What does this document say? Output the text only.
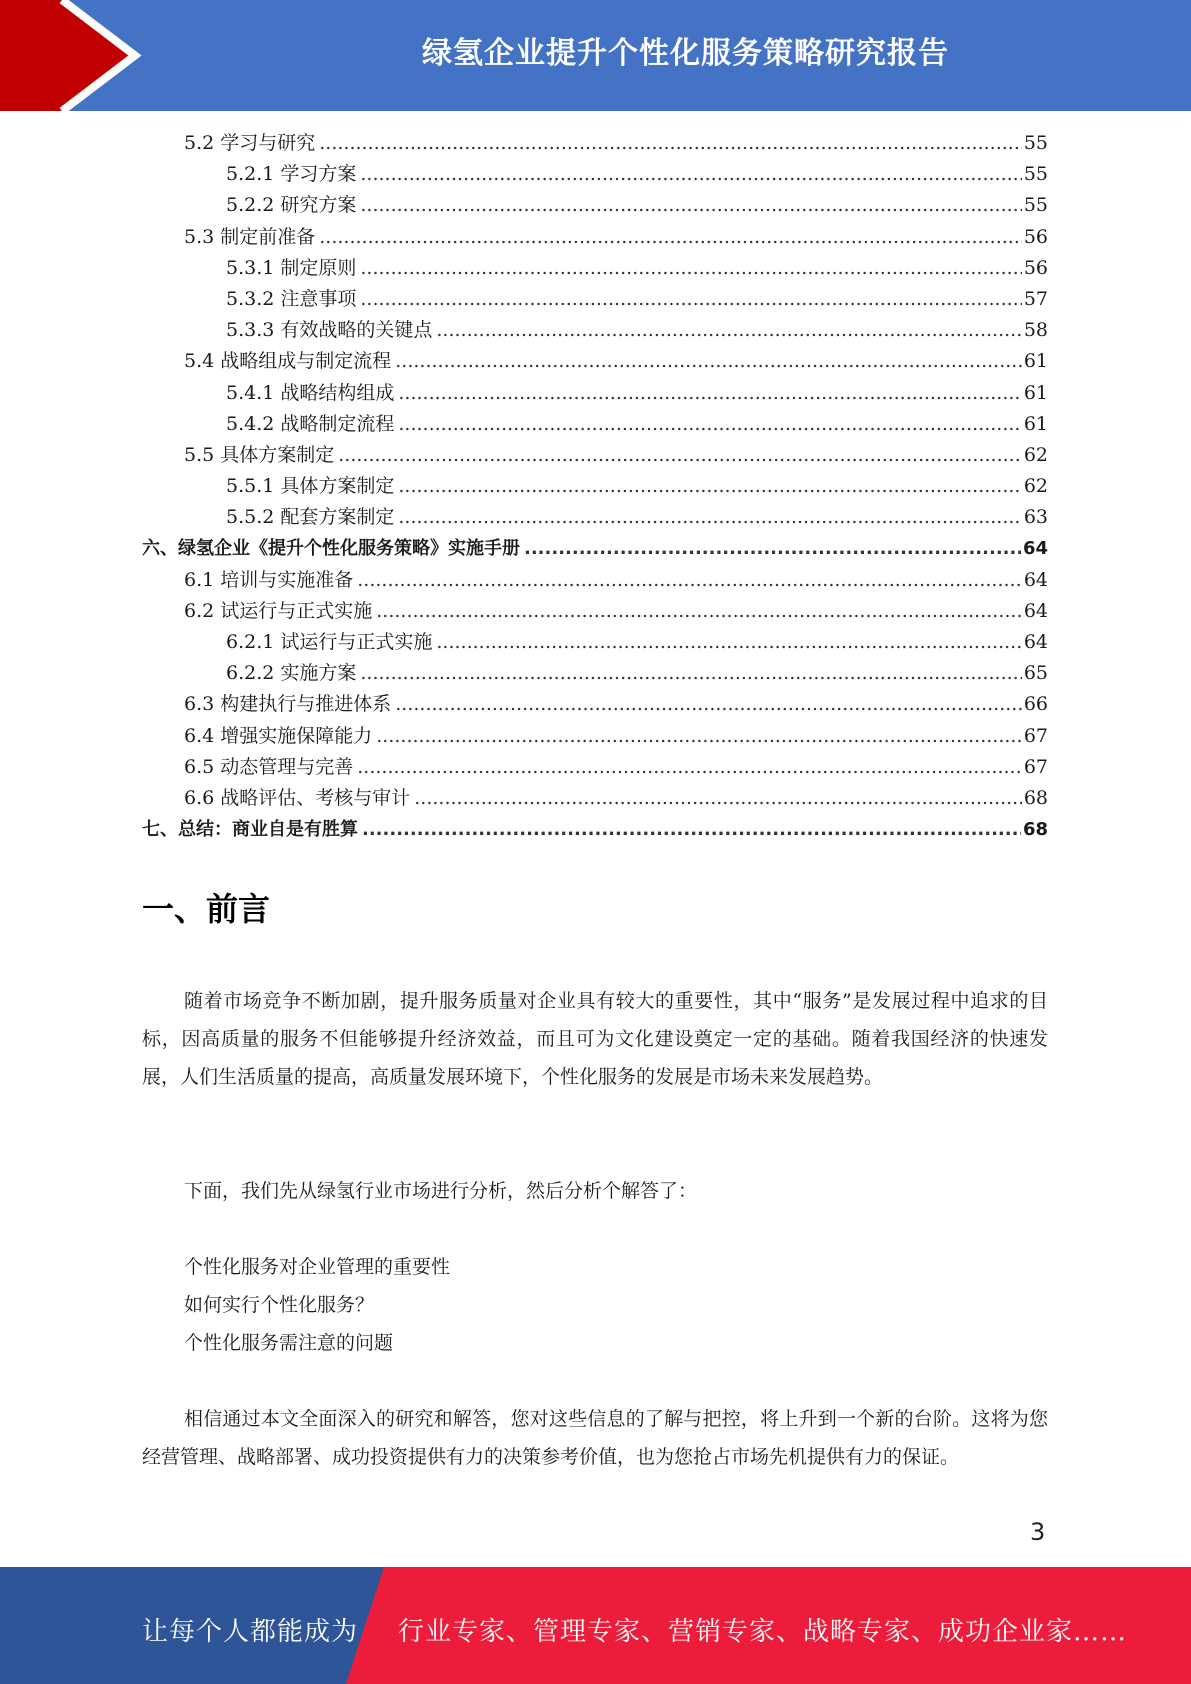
绿氢企业提升个性化服务策略研究报告
5.2 学习与研究 .....	55
5.2.1 学习方案 .....	55
5.2.2 研究方案 .....	55
5.3 制定前准备 .....	56
5.3.1 制定原则 .....	56
5.3.2 注意事项 .....	57
5.3.3 有效战略的关键点 .....	58
5.4 战略组成与制定流程 .....	61
5.4.1 战略结构组成 .....	61
5.4.2 战略制定流程 .....	61
5.5 具体方案制定 .....	62
5.5.1 具体方案制定 .....	62
5.5.2 配套方案制定 .....	63
六、绿氢企业《提升个性化服务策略》实施手册 .....	64
6.1 培训与实施准备 .....	64
6.2 试运行与正式实施 .....	64
6.2.1 试运行与正式实施 .....	64
6.2.2 实施方案 .....	65
6.3 构建执行与推进体系 .....	66
6.4 增强实施保障能力 .....	67
6.5 动态管理与完善 .....	67
6.6 战略评估、考核与审计 .....	68
七、总结：商业自是有胜算 .....	68
一、前言
随着市场竞争不断加剧，提升服务质量对企业具有较大的重要性，其中“服务”是发展过程中追求的目标，因高质量的服务不但能够提升经济效益，而且可为文化建设奠定一定的基础。随着我国经济的快速发展，人们生活质量的提高，高质量发展环境下，个性化服务的发展是市场未来发展趋势。
下面，我们先从绿氢行业市场进行分析，然后分析个解答了：
个性化服务对企业管理的重要性
如何实行个性化服务？
个性化服务需注意的问题
相信通过本文全面深入的研究和解答，您对这些信息的了解与把控，将上升到一个新的台阶。这将为您经营管理、战略部署、成功投资提供有力的决策参考价值，也为您抢占市场先机提供有力的保证。
3
让每个人都能成为 行业专家、管理专家、营销专家、战略专家、成功企业家……
